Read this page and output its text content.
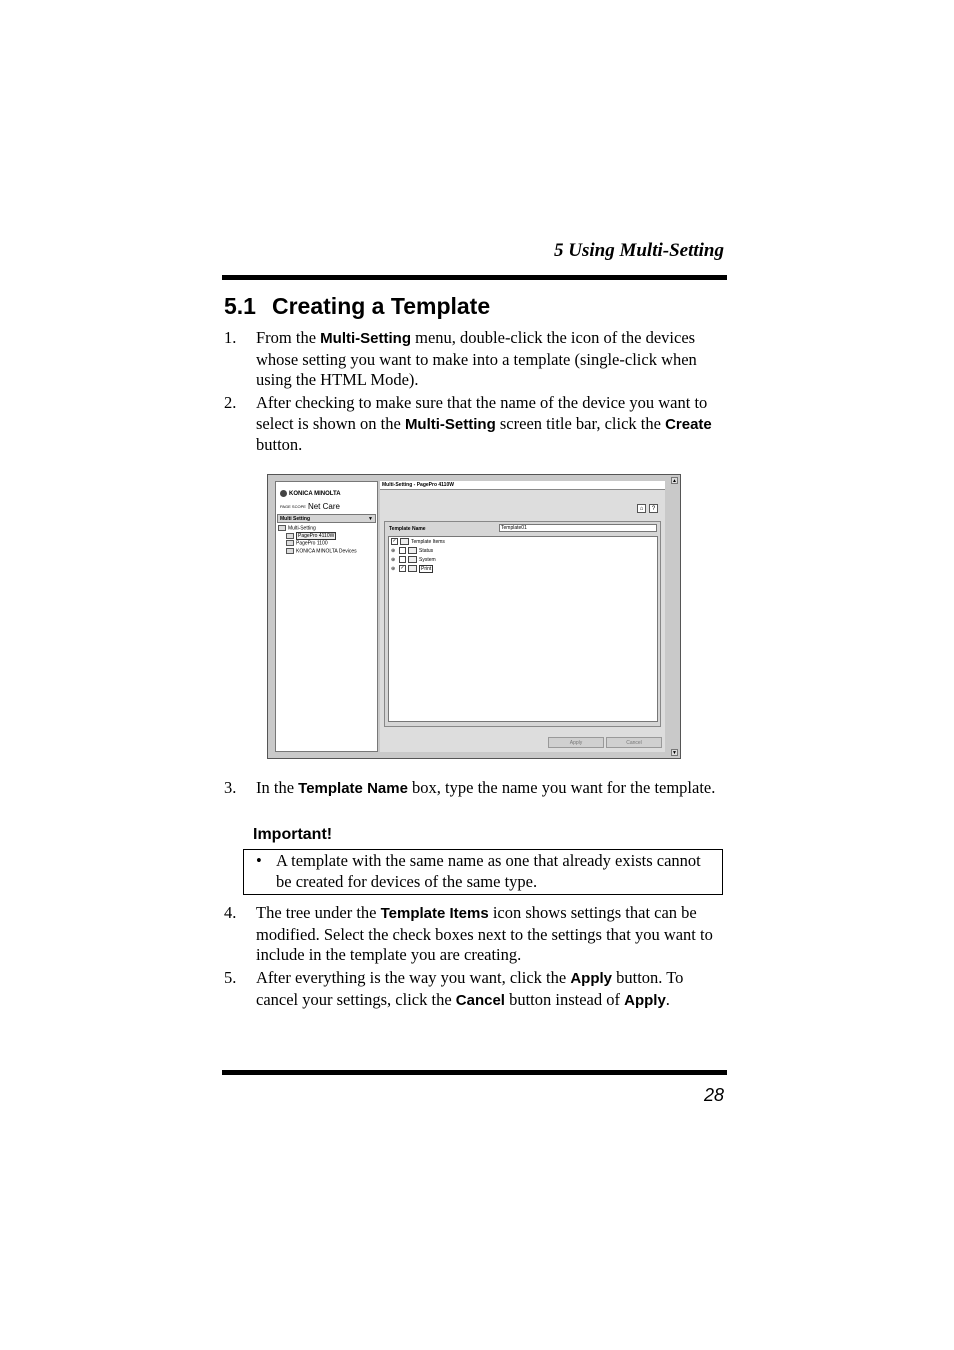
5 Using Multi-Setting
5.1 Creating a Template
1. From the Multi-Setting menu, double-click the icon of the devices whose setting you want to make into a template (single-click when using the HTML Mode).
2. After checking to make sure that the name of the device you want to select is shown on the Multi-Setting screen title bar, click the Create button.
KONICA MINOLTA
PAGE SCOPE Net Care
Multi Setting	▼
Multi-Setting
PagePro 4110W
PagePro 1100
KONICA MINOLTA Devices
Multi-Setting - PagePro 4110W
⌂	?
Template Name	Template01
✓	Template Items
⊕	Status
⊕	System
⊕ ✓	Print
Apply	Cancel
▲
▼
3. In the Template Name box, type the name you want for the template.
Important!
• A template with the same name as one that already exists cannot be created for devices of the same type.
4. The tree under the Template Items icon shows settings that can be modified. Select the check boxes next to the settings that you want to include in the template you are creating.
5. After everything is the way you want, click the Apply button. To cancel your settings, click the Cancel button instead of Apply.
28
